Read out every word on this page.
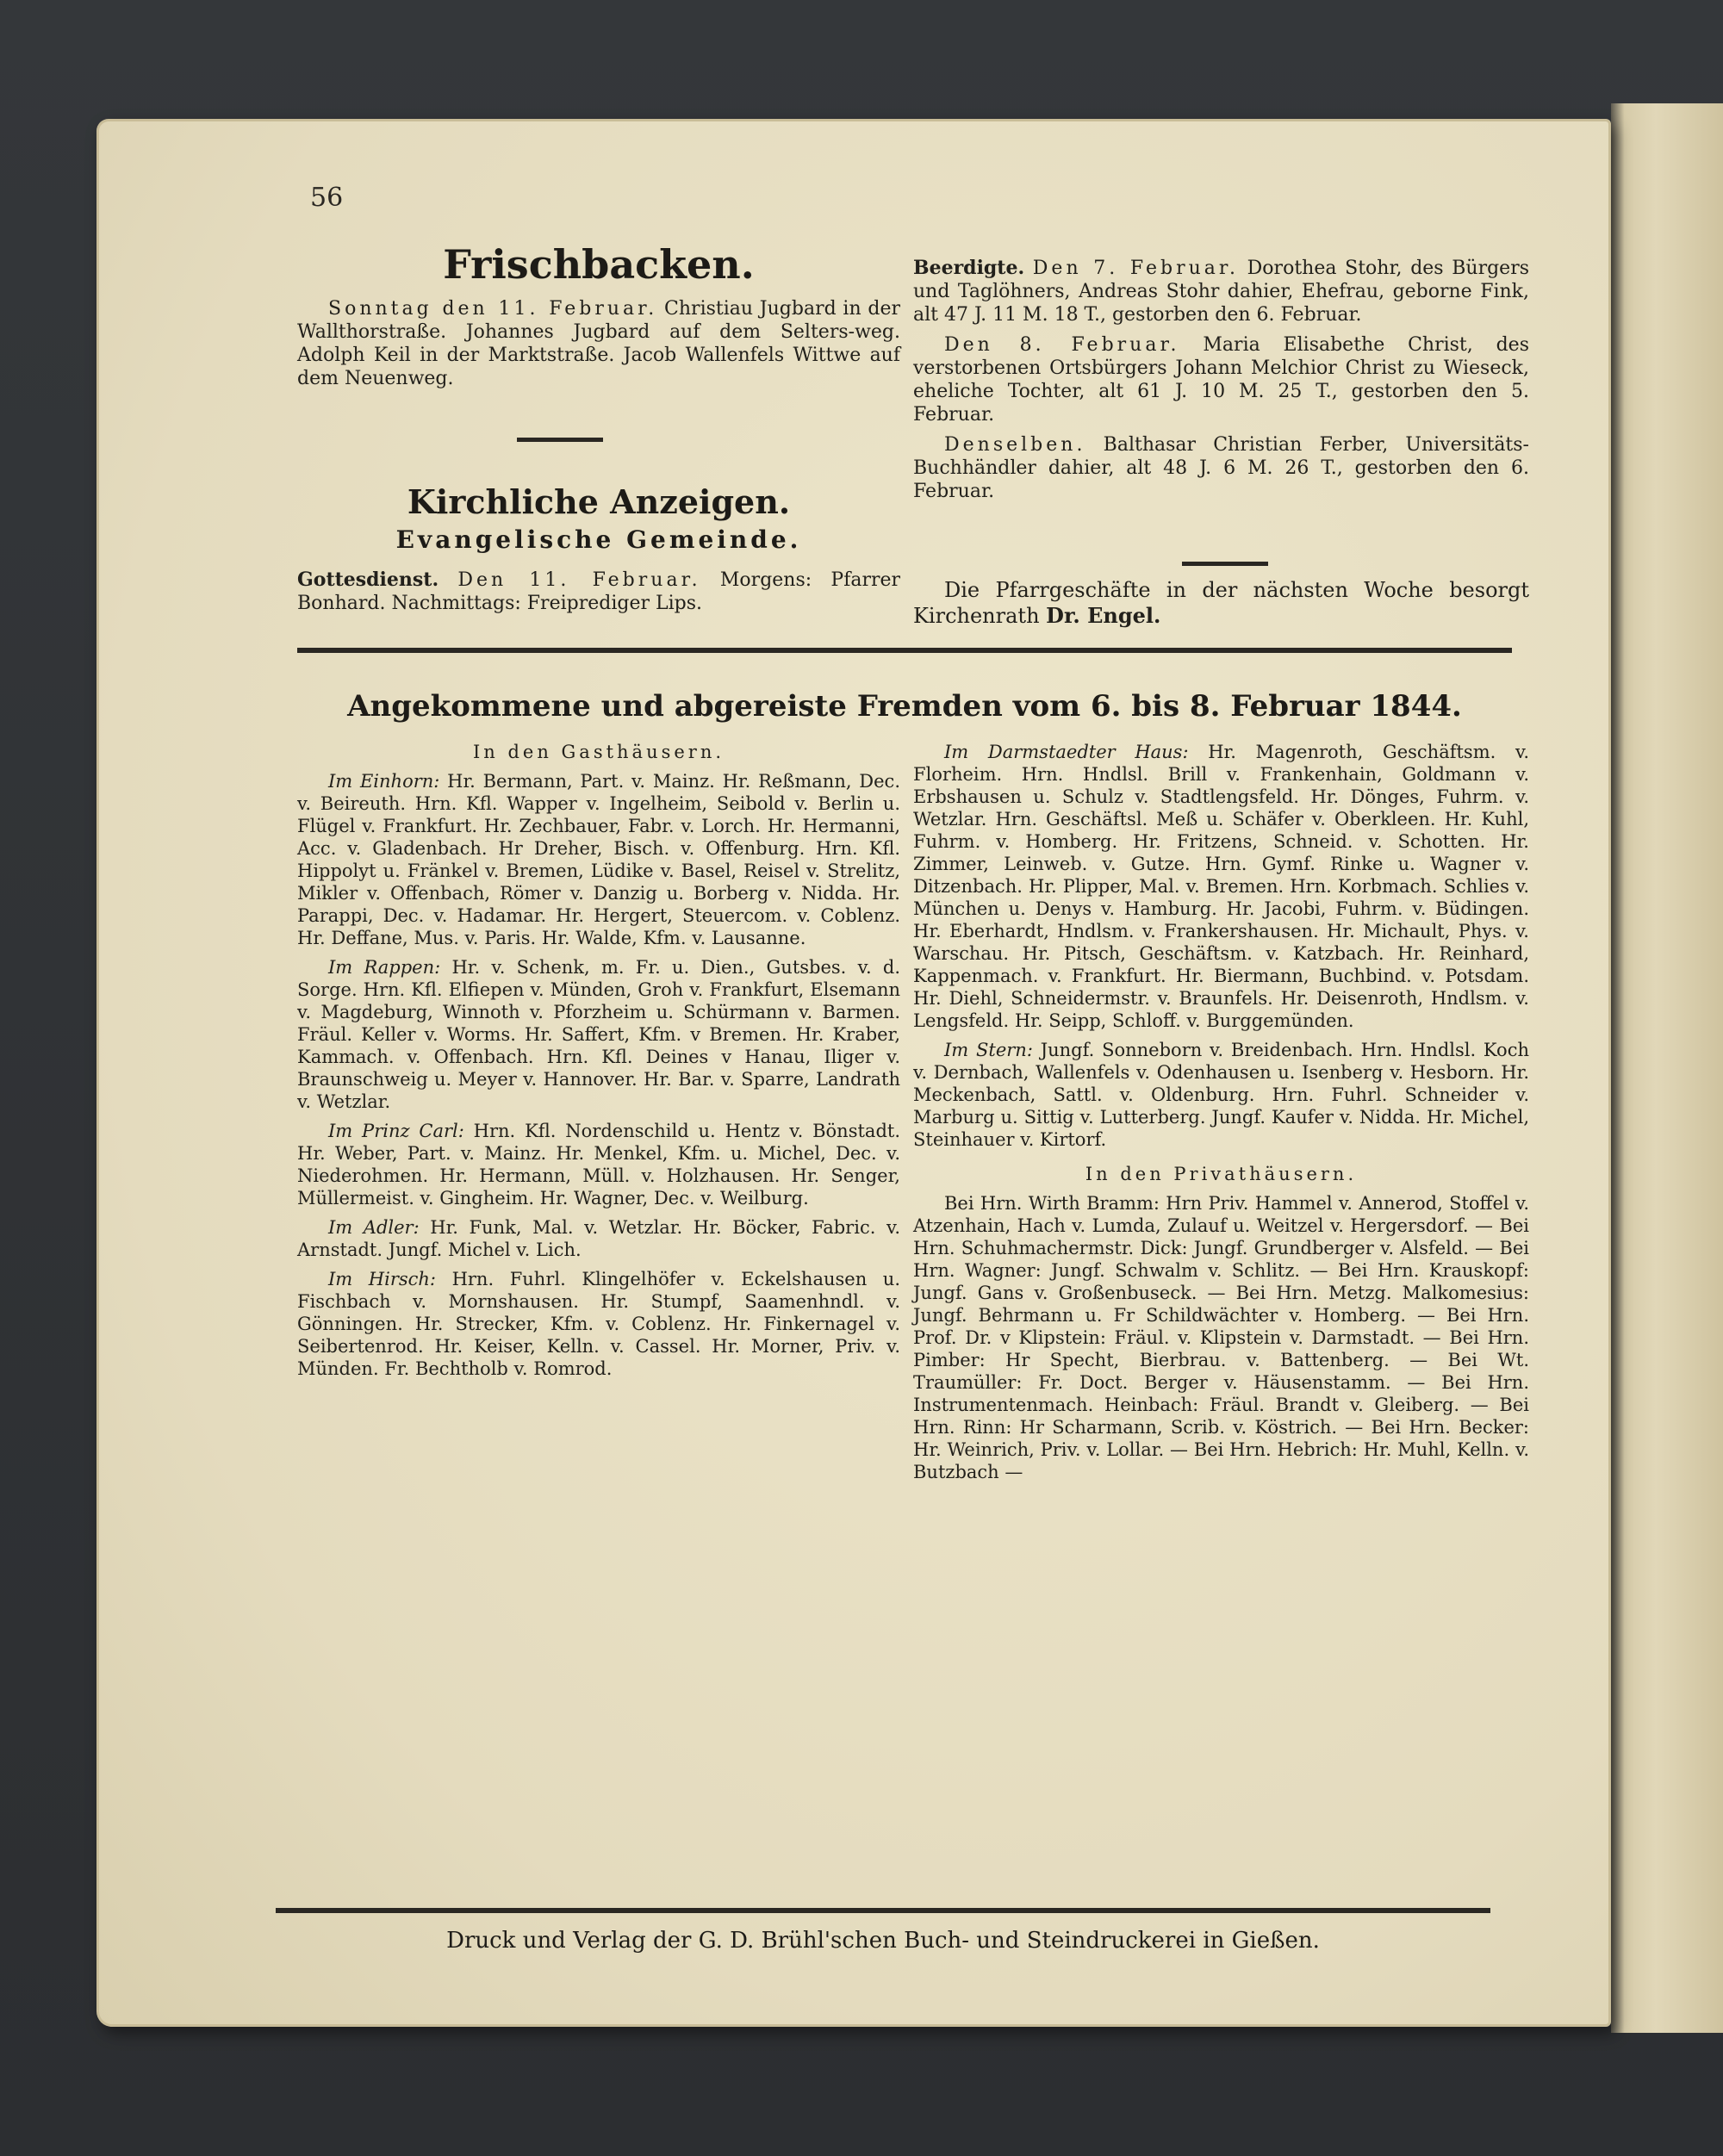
56
Frischbacken.

Sonntag den 11. Februar. Christiau Jugbard in der Wallthorstraße. Johannes Jugbard auf dem Selters-weg. Adolph Keil in der Marktstraße. Jacob Wallenfels Wittwe auf dem Neuenweg.

Kirchliche Anzeigen.
Evangelische Gemeinde.

Gottesdienst. Den 11. Februar. Morgens: Pfarrer Bonhard. Nachmittags: Freiprediger Lips.

Beerdigte. Den 7. Februar. Dorothea Stohr, des Bürgers und Taglöhners, Andreas Stohr dahier, Ehefrau, geborne Fink, alt 47 J. 11 M. 18 T., gestorben den 6. Februar.

Den 8. Februar. Maria Elisabethe Christ, des verstorbenen Ortsbürgers Johann Melchior Christ zu Wieseck, eheliche Tochter, alt 61 J. 10 M. 25 T., gestorben den 5. Februar.

Denselben. Balthasar Christian Ferber, Universitäts-Buchhändler dahier, alt 48 J. 6 M. 26 T., gestorben den 6. Februar.

Die Pfarrgeschäfte in der nächsten Woche besorgt Kirchenrath Dr. Engel.

Angekommene und abgereiste Fremden vom 6. bis 8. Februar 1844.

In den Gasthäusern.

Im Einhorn: Hr. Bermann, Part. v. Mainz. Hr. Reßmann, Dec. v. Beireuth. Hrn. Kfl. Wapper v. Ingelheim, Seibold v. Berlin u. Flügel v. Frankfurt. Hr. Zechbauer, Fabr. v. Lorch. Hr. Hermanni, Acc. v. Gladenbach. Hr Dreher, Bisch. v. Offenburg. Hrn. Kfl. Hippolyt u. Fränkel v. Bremen, Lüdike v. Basel, Reisel v. Strelitz, Mikler v. Offenbach, Römer v. Danzig u. Borberg v. Nidda. Hr. Parappi, Dec. v. Hadamar. Hr. Hergert, Steuercom. v. Coblenz. Hr. Deffane, Mus. v. Paris. Hr. Walde, Kfm. v. Lausanne.

Im Rappen: Hr. v. Schenk, m. Fr. u. Dien., Gutsbes. v. d. Sorge. Hrn. Kfl. Elfiepen v. Münden, Groh v. Frankfurt, Elsemann v. Magdeburg, Winnoth v. Pforzheim u. Schürmann v. Barmen. Fräul. Keller v. Worms. Hr. Saffert, Kfm. v Bremen. Hr. Kraber, Kammach. v. Offenbach. Hrn. Kfl. Deines v Hanau, Iliger v. Braunschweig u. Meyer v. Hannover. Hr. Bar. v. Sparre, Landrath v. Wetzlar.

Im Prinz Carl: Hrn. Kfl. Nordenschild u. Hentz v. Bönstadt. Hr. Weber, Part. v. Mainz. Hr. Menkel, Kfm. u. Michel, Dec. v. Niederohmen. Hr. Hermann, Müll. v. Holzhausen. Hr. Senger, Müllermeist. v. Gingheim. Hr. Wagner, Dec. v. Weilburg.

Im Adler: Hr. Funk, Mal. v. Wetzlar. Hr. Böcker, Fabric. v. Arnstadt. Jungf. Michel v. Lich.

Im Hirsch: Hrn. Fuhrl. Klingelhöfer v. Eckelshausen u. Fischbach v. Mornshausen. Hr. Stumpf, Saamenhndl. v. Gönningen. Hr. Strecker, Kfm. v. Coblenz. Hr. Finkernagel v. Seibertenrod. Hr. Keiser, Kelln. v. Cassel. Hr. Morner, Priv. v. Münden. Fr. Bechtholb v. Romrod.

Im Darmstaedter Haus: Hr. Magenroth, Geschäftsm. v. Florheim. Hrn. Hndlsl. Brill v. Frankenhain, Goldmann v. Erbshausen u. Schulz v. Stadtlengsfeld. Hr. Dönges, Fuhrm. v. Wetzlar. Hrn. Geschäftsl. Meß u. Schäfer v. Oberkleen. Hr. Kuhl, Fuhrm. v. Homberg. Hr. Fritzens, Schneid. v. Schotten. Hr. Zimmer, Leinweb. v. Gutze. Hrn. Gymf. Rinke u. Wagner v. Ditzenbach. Hr. Plipper, Mal. v. Bremen. Hrn. Korbmach. Schlies v. München u. Denys v. Hamburg. Hr. Jacobi, Fuhrm. v. Büdingen. Hr. Eberhardt, Hndlsm. v. Frankershausen. Hr. Michault, Phys. v. Warschau. Hr. Pitsch, Geschäftsm. v. Katzbach. Hr. Reinhard, Kappenmach. v. Frankfurt. Hr. Biermann, Buchbind. v. Potsdam. Hr. Diehl, Schneidermstr. v. Braunfels. Hr. Deisenroth, Hndlsm. v. Lengsfeld. Hr. Seipp, Schloff. v. Burggemünden.

Im Stern: Jungf. Sonneborn v. Breidenbach. Hrn. Hndlsl. Koch v. Dernbach, Wallenfels v. Odenhausen u. Isenberg v. Hesborn. Hr. Meckenbach, Sattl. v. Oldenburg. Hrn. Fuhrl. Schneider v. Marburg u. Sittig v. Lutterberg. Jungf. Kaufer v. Nidda. Hr. Michel, Steinhauer v. Kirtorf.

In den Privathäusern.

Bei Hrn. Wirth Bramm: Hrn Priv. Hammel v. Annerod, Stoffel v. Atzenhain, Hach v. Lumda, Zulauf u. Weitzel v. Hergersdorf. — Bei Hrn. Schuhmachermstr. Dick: Jungf. Grundberger v. Alsfeld. — Bei Hrn. Wagner: Jungf. Schwalm v. Schlitz. — Bei Hrn. Krauskopf: Jungf. Gans v. Großenbuseck. — Bei Hrn. Metzg. Malkomesius: Jungf. Behrmann u. Fr Schildwächter v. Homberg. — Bei Hrn. Prof. Dr. v Klipstein: Fräul. v. Klipstein v. Darmstadt. — Bei Hrn. Pimber: Hr Specht, Bierbrau. v. Battenberg. — Bei Wt. Traumüller: Fr. Doct. Berger v. Häusenstamm. — Bei Hrn. Instrumentenmach. Heinbach: Fräul. Brandt v. Gleiberg. — Bei Hrn. Rinn: Hr Scharmann, Scrib. v. Köstrich. — Bei Hrn. Becker: Hr. Weinrich, Priv. v. Lollar. — Bei Hrn. Hebrich: Hr. Muhl, Kelln. v. Butzbach —

Druck und Verlag der G. D. Brühl'schen Buch- und Steindruckerei in Gießen.
